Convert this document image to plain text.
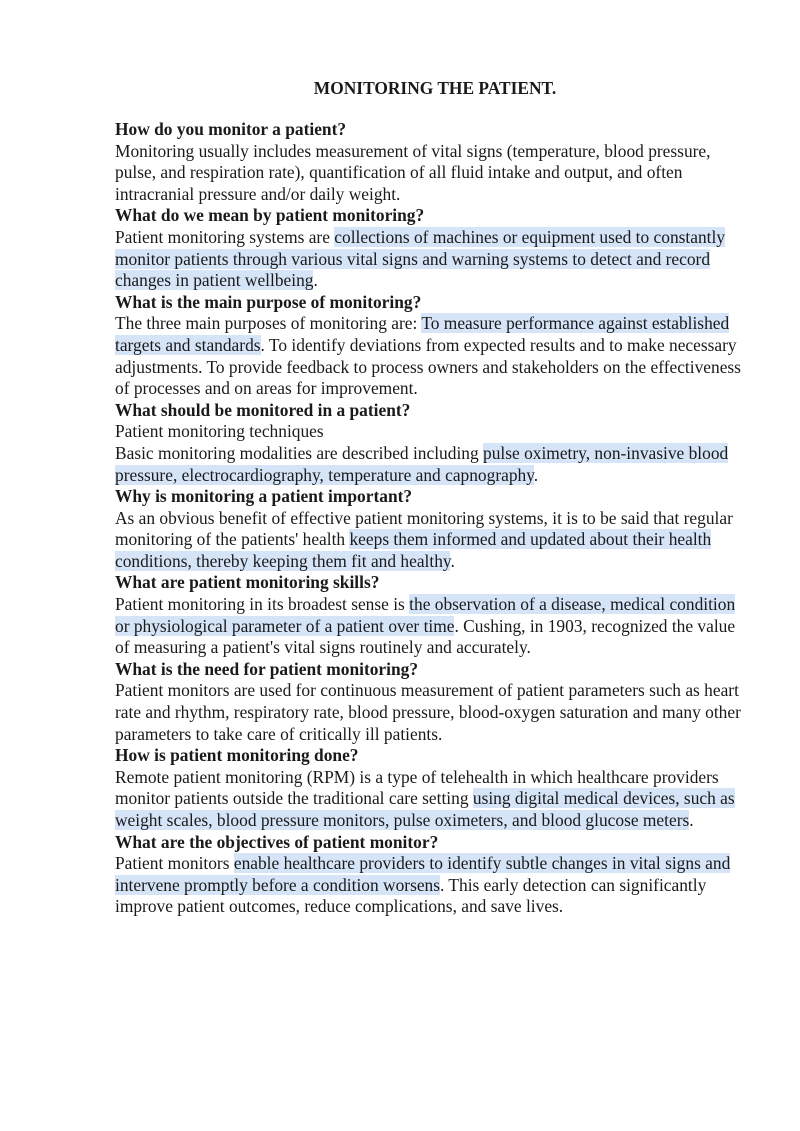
MONITORING THE PATIENT.

How do you monitor a patient?

Monitoring usually includes measurement of vital signs (temperature, blood pressure, pulse, and respiration rate), quantification of all fluid intake and output, and often intracranial pressure and/or daily weight.

What do we mean by patient monitoring?

Patient monitoring systems are collections of machines or equipment used to constantly monitor patients through various vital signs and warning systems to detect and record changes in patient wellbeing.

What is the main purpose of monitoring?

The three main purposes of monitoring are: To measure performance against established targets and standards. To identify deviations from expected results and to make necessary adjustments. To provide feedback to process owners and stakeholders on the effectiveness of processes and on areas for improvement.

What should be monitored in a patient?

Patient monitoring techniques

Basic monitoring modalities are described including pulse oximetry, non-invasive blood pressure, electrocardiography, temperature and capnography.

Why is monitoring a patient important?

As an obvious benefit of effective patient monitoring systems, it is to be said that regular monitoring of the patients' health keeps them informed and updated about their health conditions, thereby keeping them fit and healthy.

What are patient monitoring skills?

Patient monitoring in its broadest sense is the observation of a disease, medical condition or physiological parameter of a patient over time. Cushing, in 1903, recognized the value of measuring a patient's vital signs routinely and accurately.

What is the need for patient monitoring?

Patient monitors are used for continuous measurement of patient parameters such as heart rate and rhythm, respiratory rate, blood pressure, blood-oxygen saturation and many other parameters to take care of critically ill patients.

How is patient monitoring done?

Remote patient monitoring (RPM) is a type of telehealth in which healthcare providers monitor patients outside the traditional care setting using digital medical devices, such as weight scales, blood pressure monitors, pulse oximeters, and blood glucose meters.

What are the objectives of patient monitor?

Patient monitors enable healthcare providers to identify subtle changes in vital signs and intervene promptly before a condition worsens. This early detection can significantly improve patient outcomes, reduce complications, and save lives.
